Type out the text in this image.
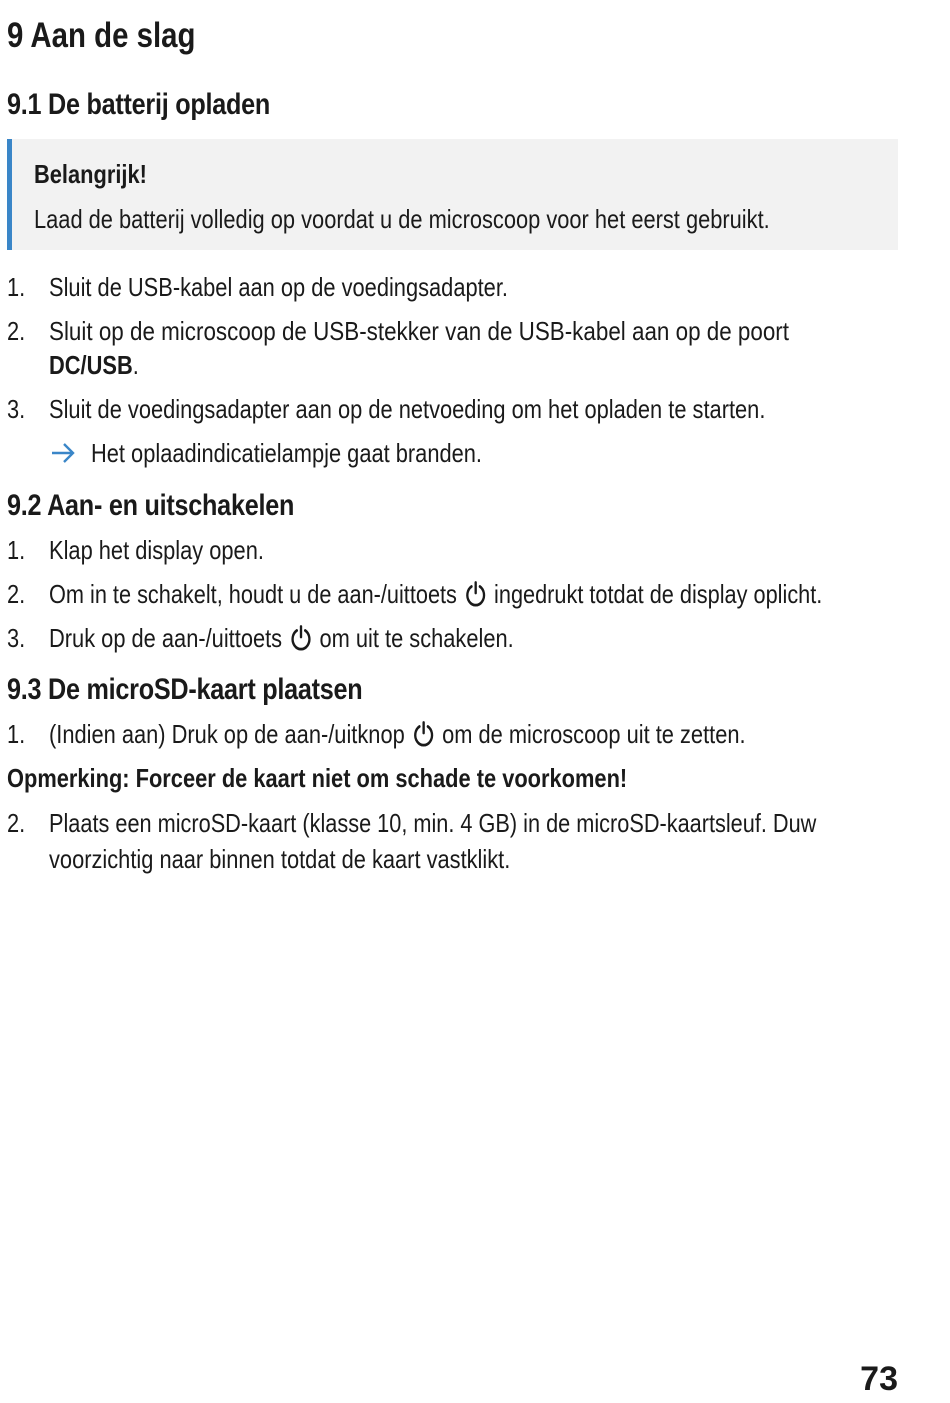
9 Aan de slag
9.1 De batterij opladen
Belangrijk!
Laad de batterij volledig op voordat u de microscoop voor het eerst gebruikt.
1. Sluit de USB-kabel aan op de voedingsadapter.
2. Sluit op de microscoop de USB-stekker van de USB-kabel aan op de poort
DC/USB.
3. Sluit de voedingsadapter aan op de netvoeding om het opladen te starten.
Het oplaadindicatielampje gaat branden.
9.2 Aan- en uitschakelen
1. Klap het display open.
2. Om in te schakelt, houdt u de aan-/uittoets ingedrukt totdat de display oplicht.
3. Druk op de aan-/uittoets om uit te schakelen.
9.3 De microSD-kaart plaatsen
1. (Indien aan) Druk op de aan-/uitknop om de microscoop uit te zetten.
Opmerking: Forceer de kaart niet om schade te voorkomen!
2. Plaats een microSD-kaart (klasse 10, min. 4 GB) in de microSD-kaartsleuf. Duw
voorzichtig naar binnen totdat de kaart vastklikt.
73
